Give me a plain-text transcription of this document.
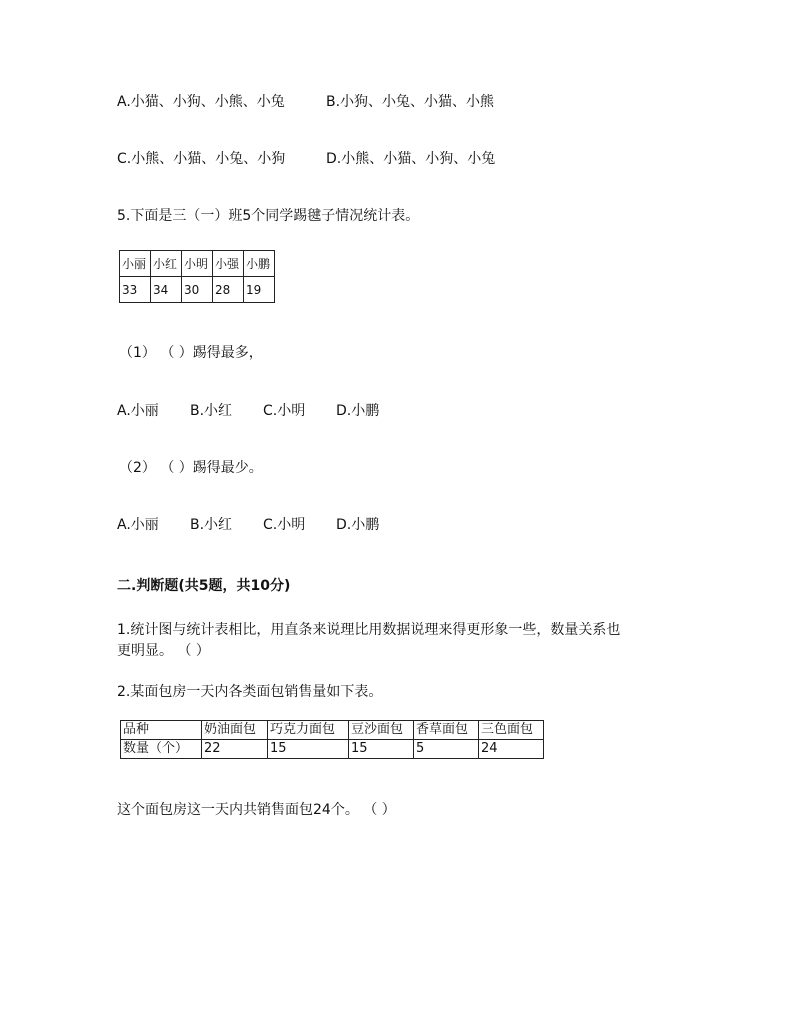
A.小猫、小狗、小熊、小兔	B.小狗、小兔、小猫、小熊
C.小熊、小猫、小兔、小狗	D.小熊、小猫、小狗、小兔
5.下面是三（一）班5个同学踢毽子情况统计表。
小丽	小红	小明	小强	小鹏
33	34	30	28	19
（1） （ ）踢得最多，
A.小丽 B.小红 C.小明 D.小鹏
（2） （ ）踢得最少。
A.小丽 B.小红 C.小明 D.小鹏
二.判断题(共5题，共10分)
1.统计图与统计表相比，用直条来说理比用数据说理来得更形象一些，数量关系也
更明显。 （ ）
2.某面包房一天内各类面包销售量如下表。
品种	奶油面包	巧克力面包	豆沙面包	香草面包	三色面包
数量（个）	22	15	15	5	24
这个面包房这一天内共销售面包24个。 （ ）
